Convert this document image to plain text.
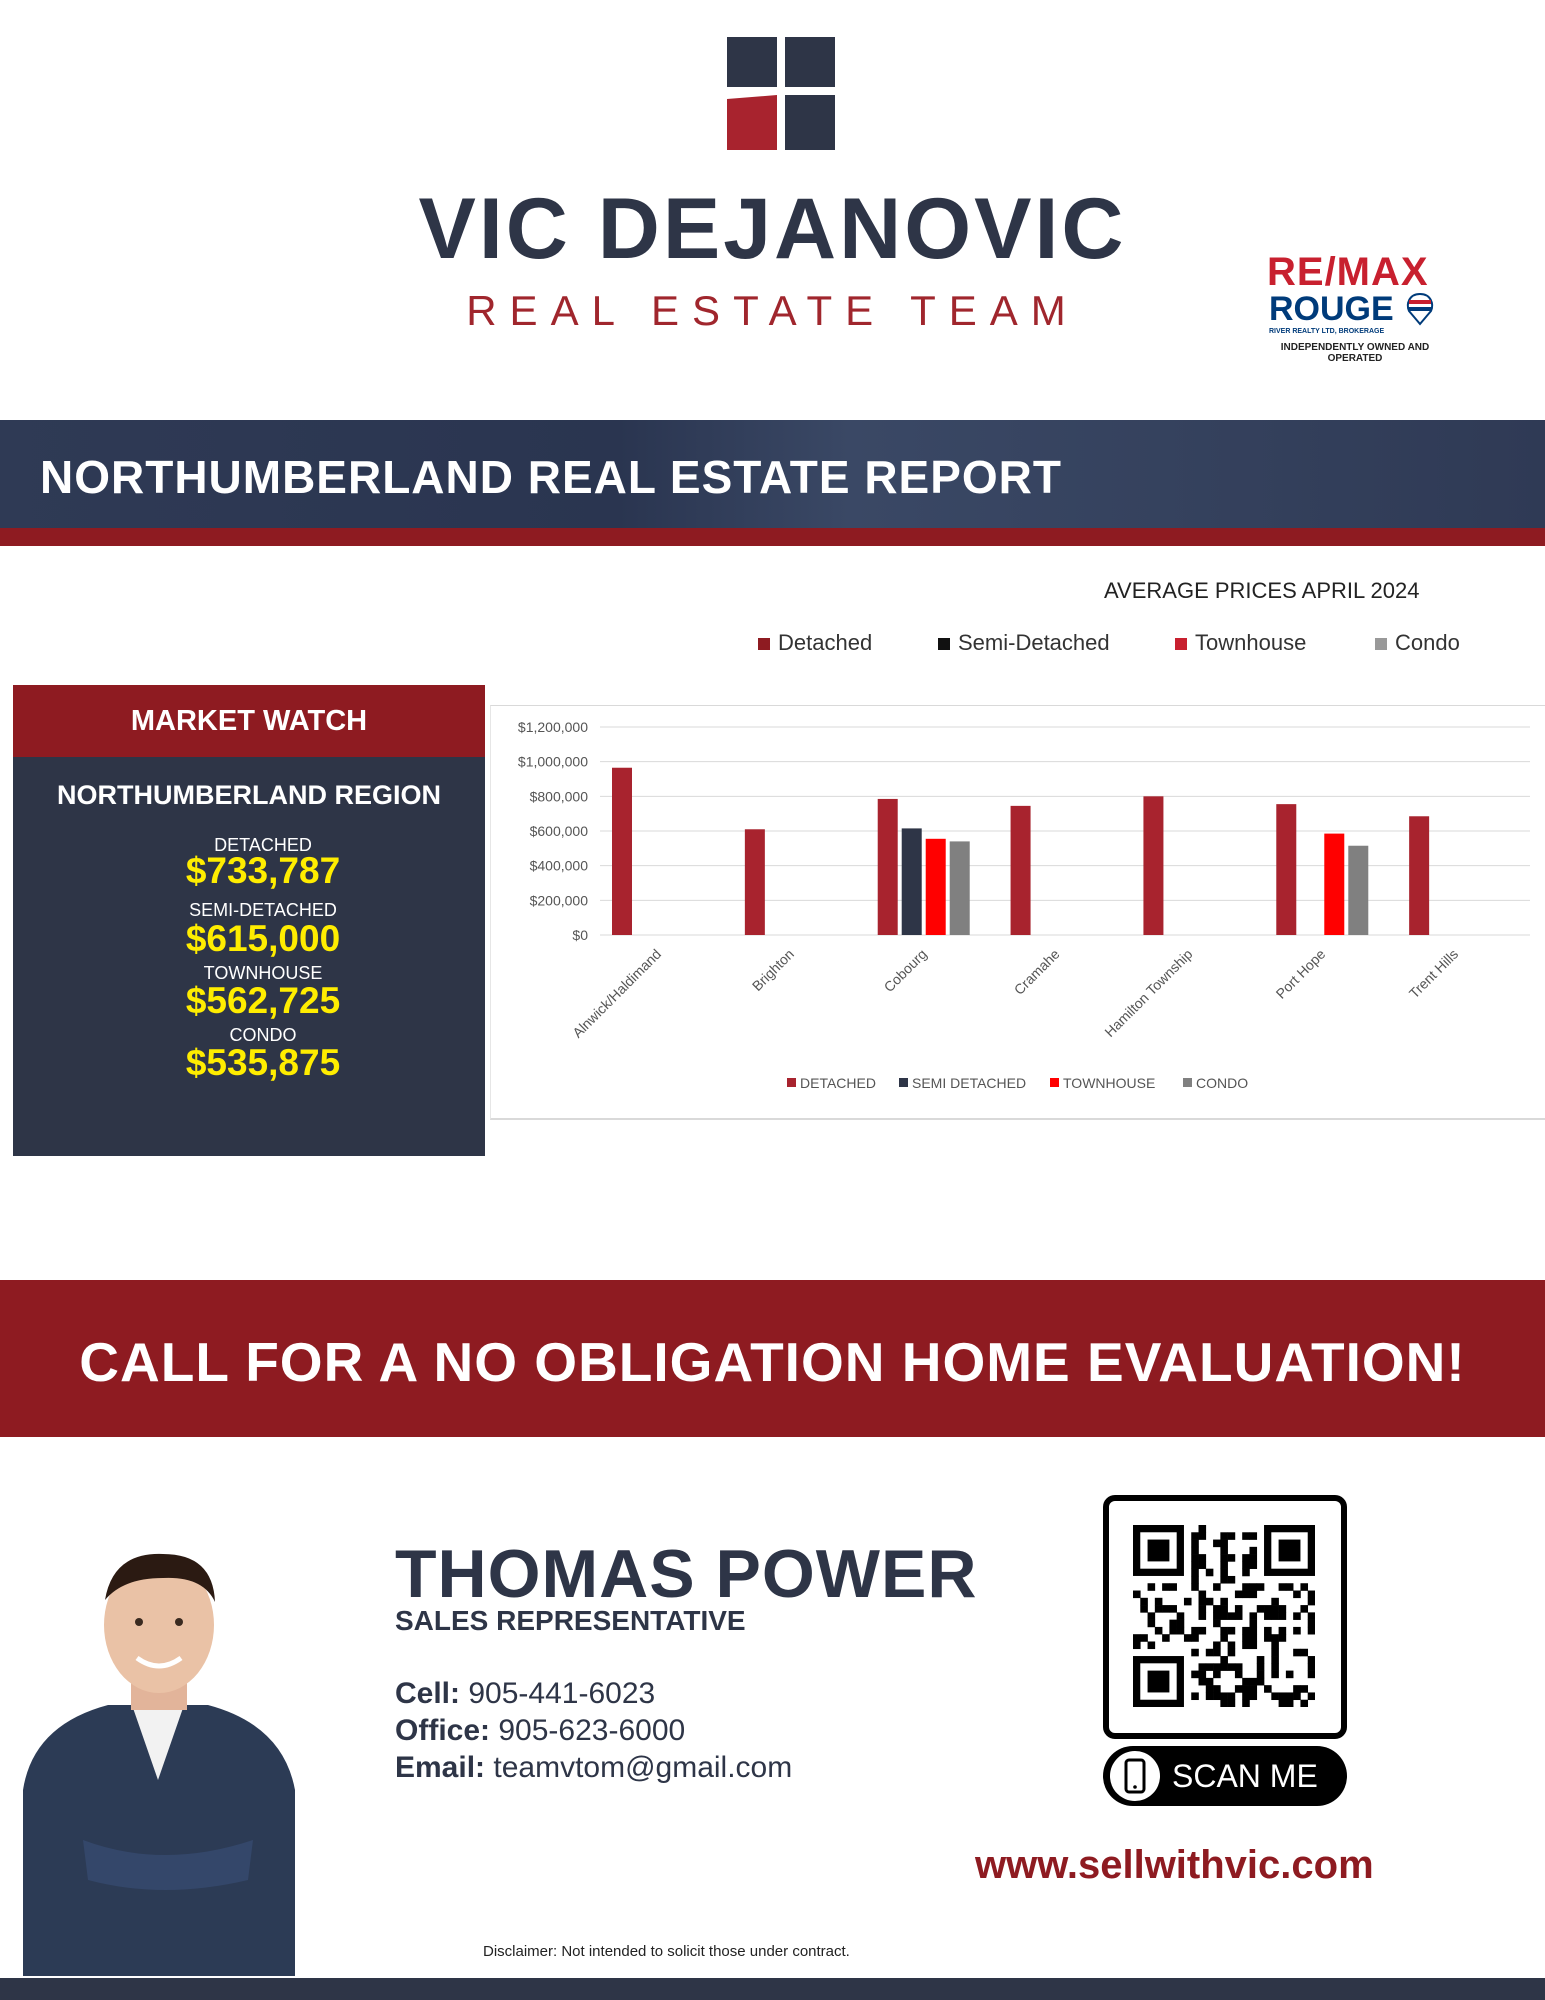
VIC DEJANOVIC
REAL ESTATE TEAM
RE/MAX
ROUGE
RIVER REALTY LTD, BROKERAGE
INDEPENDENTLY OWNED AND OPERATED
NORTHUMBERLAND REAL ESTATE REPORT
AVERAGE PRICES APRIL 2024
Detached	Semi-Detached	Townhouse	Condo
MARKET WATCH
NORTHUMBERLAND REGION
DETACHED
$733,787
SEMI-DETACHED
$615,000
TOWNHOUSE
$562,725
CONDO
$535,875
$0
$200,000
$400,000
$600,000
$800,000
$1,000,000
$1,200,000
Alnwick/Haldimand	Brighton	Cobourg	Cramahe	Hamilton Township	Port Hope	Trent Hills
DETACHED	SEMI DETACHED	TOWNHOUSE	CONDO
CALL FOR A NO OBLIGATION HOME EVALUATION!
THOMAS POWER
SALES REPRESENTATIVE
Cell: 905-441-6023
Office: 905-623-6000
Email: teamvtom@gmail.com	SCAN ME
www.sellwithvic.com
Disclaimer: Not intended to solicit those under contract.
